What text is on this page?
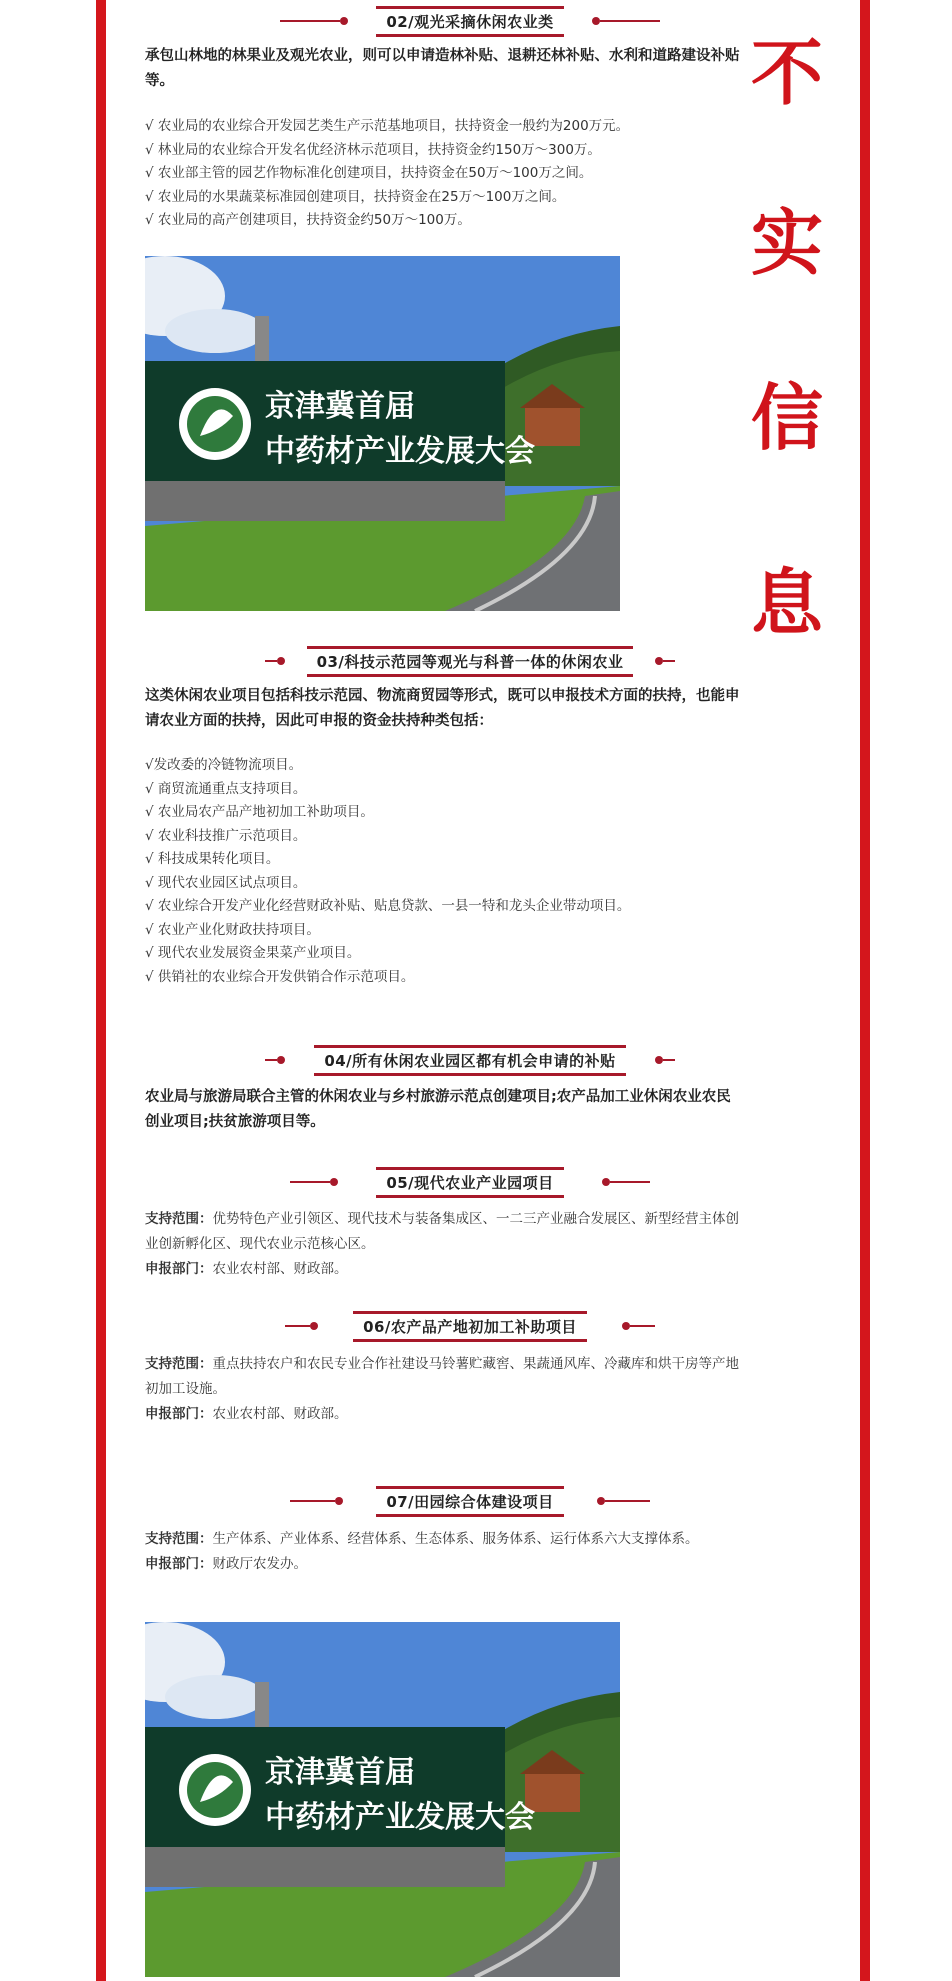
不
实
信
息
02/观光采摘休闲农业类

承包山林地的林果业及观光农业，则可以申请造林补贴、退耕还林补贴、水利和道路建设补贴等。

√ 农业局的农业综合开发园艺类生产示范基地项目，扶持资金一般约为200万元。

√ 林业局的农业综合开发名优经济林示范项目，扶持资金约150万～300万。

√ 农业部主管的园艺作物标准化创建项目，扶持资金在50万～100万之间。

√ 农业局的水果蔬菜标准园创建项目，扶持资金在25万～100万之间。

√ 农业局的高产创建项目，扶持资金约50万～100万。

京津冀首届
中药材产业发展大会
03/科技示范园等观光与科普一体的休闲农业

这类休闲农业项目包括科技示范园、物流商贸园等形式，既可以申报技术方面的扶持，也能申请农业方面的扶持，因此可申报的资金扶持种类包括：

√发改委的冷链物流项目。

√ 商贸流通重点支持项目。

√ 农业局农产品产地初加工补助项目。

√ 农业科技推广示范项目。

√ 科技成果转化项目。

√ 现代农业园区试点项目。

√ 农业综合开发产业化经营财政补贴、贴息贷款、一县一特和龙头企业带动项目。

√ 农业产业化财政扶持项目。

√ 现代农业发展资金果菜产业项目。

√ 供销社的农业综合开发供销合作示范项目。

04/所有休闲农业园区都有机会申请的补贴

农业局与旅游局联合主管的休闲农业与乡村旅游示范点创建项目;农产品加工业休闲农业农民创业项目;扶贫旅游项目等。

05/现代农业产业园项目

支持范围：优势特色产业引领区、现代技术与装备集成区、一二三产业融合发展区、新型经营主体创业创新孵化区、现代农业示范核心区。

申报部门：农业农村部、财政部。

06/农产品产地初加工补助项目

支持范围：重点扶持农户和农民专业合作社建设马铃薯贮藏窖、果蔬通风库、冷藏库和烘干房等产地初加工设施。

申报部门：农业农村部、财政部。

07/田园综合体建设项目

支持范围：生产体系、产业体系、经营体系、生态体系、服务体系、运行体系六大支撑体系。

申报部门：财政厅农发办。

京津冀首届
中药材产业发展大会
